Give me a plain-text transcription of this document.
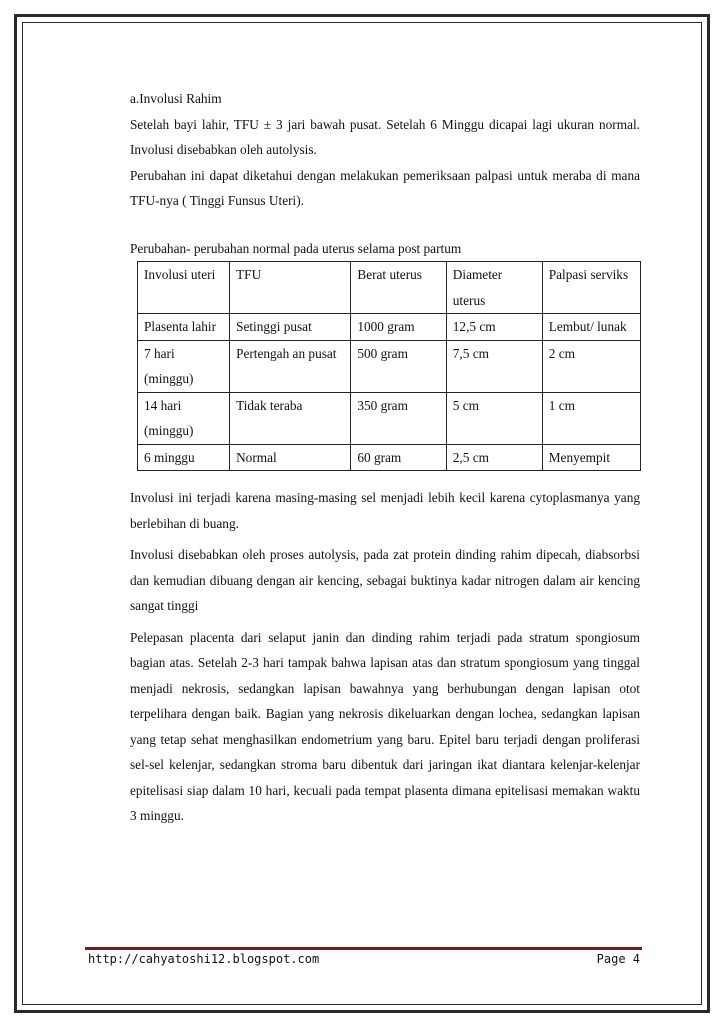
a.Involusi Rahim

Setelah bayi lahir, TFU ± 3 jari bawah pusat. Setelah 6 Minggu dicapai lagi ukuran normal. Involusi disebabkan oleh autolysis.

Perubahan ini dapat diketahui dengan melakukan pemeriksaan palpasi untuk meraba di mana TFU-nya ( Tinggi Funsus Uteri).

Perubahan- perubahan normal pada uterus selama post partum

Involusi uteri	TFU	Berat uterus	Diameter uterus	Palpasi serviks
Plasenta lahir	Setinggi pusat	1000 gram	12,5 cm	Lembut/ lunak
7 hari (minggu)	Pertengah an pusat	500 gram	7,5 cm	2 cm
14 hari (minggu)	Tidak teraba	350 gram	5 cm	1 cm
6 minggu	Normal	60 gram	2,5 cm	Menyempit

Involusi ini terjadi karena masing-masing sel menjadi lebih kecil karena cytoplasmanya yang berlebihan di buang.

Involusi disebabkan oleh proses autolysis, pada zat protein dinding rahim dipecah, diabsorbsi dan kemudian dibuang dengan air kencing, sebagai buktinya kadar nitrogen dalam air kencing sangat tinggi

Pelepasan placenta dari selaput janin dan dinding rahim terjadi pada stratum spongiosum bagian atas. Setelah 2-3 hari tampak bahwa lapisan atas dan stratum spongiosum yang tinggal menjadi nekrosis, sedangkan lapisan bawahnya yang berhubungan dengan lapisan otot terpelihara dengan baik. Bagian yang nekrosis dikeluarkan dengan lochea, sedangkan lapisan yang tetap sehat menghasilkan endometrium yang baru. Epitel baru terjadi dengan proliferasi sel-sel kelenjar, sedangkan stroma baru dibentuk dari jaringan ikat diantara kelenjar-kelenjar epitelisasi siap dalam 10 hari, kecuali pada tempat plasenta dimana epitelisasi memakan waktu 3 minggu.

http://cahyatoshi12.blogspot.com	Page 4
